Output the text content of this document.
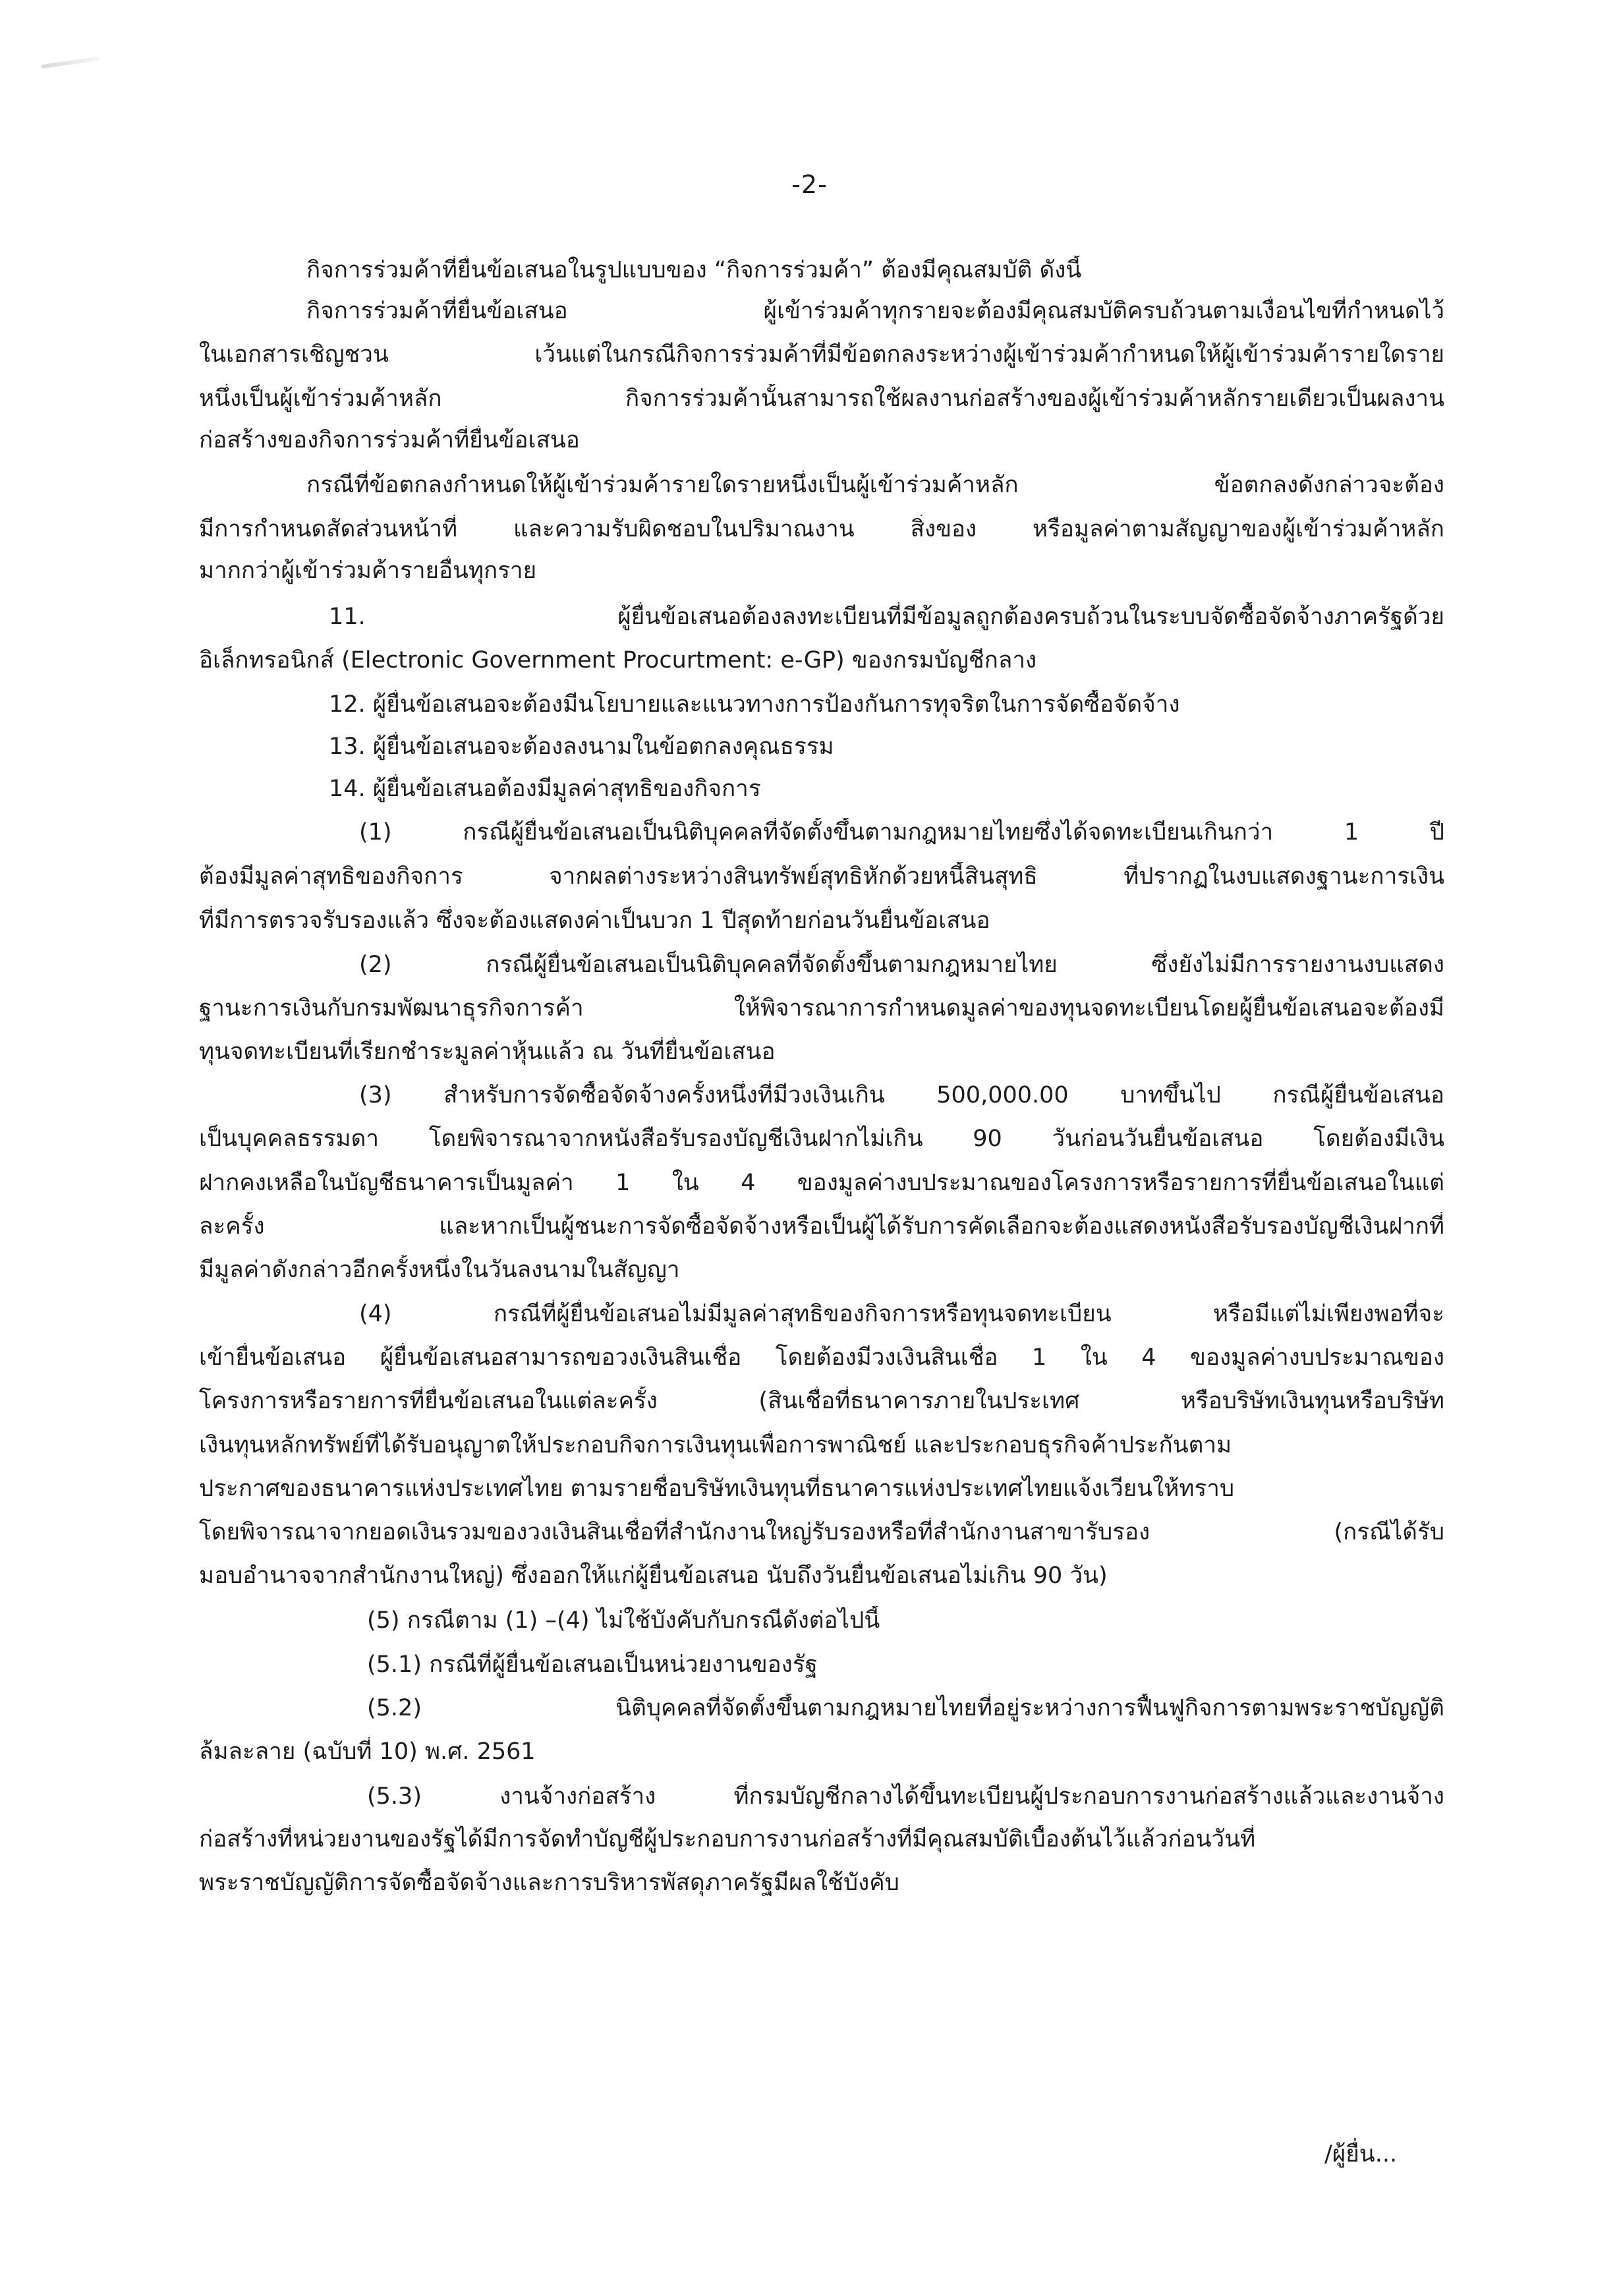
-2-
กิจการร่วมค้าที่ยื่นข้อเสนอในรูปแบบของ “กิจการร่วมค้า” ต้องมีคุณสมบัติ ดังนี้
กิจการร่วมค้าที่ยื่นข้อเสนอ ผู้เข้าร่วมค้าทุกรายจะต้องมีคุณสมบัติครบถ้วนตามเงื่อนไขที่กำหนดไว้
ในเอกสารเชิญชวน เว้นแต่ในกรณีกิจการร่วมค้าที่มีข้อตกลงระหว่างผู้เข้าร่วมค้ากำหนดให้ผู้เข้าร่วมค้ารายใดราย
หนึ่งเป็นผู้เข้าร่วมค้าหลัก กิจการร่วมค้านั้นสามารถใช้ผลงานก่อสร้างของผู้เข้าร่วมค้าหลักรายเดียวเป็นผลงาน
ก่อสร้างของกิจการร่วมค้าที่ยื่นข้อเสนอ
กรณีที่ข้อตกลงกำหนดให้ผู้เข้าร่วมค้ารายใดรายหนึ่งเป็นผู้เข้าร่วมค้าหลัก ข้อตกลงดังกล่าวจะต้อง
มีการกำหนดสัดส่วนหน้าที่ และความรับผิดชอบในปริมาณงาน สิ่งของ หรือมูลค่าตามสัญญาของผู้เข้าร่วมค้าหลัก
มากกว่าผู้เข้าร่วมค้ารายอื่นทุกราย
11. ผู้ยื่นข้อเสนอต้องลงทะเบียนที่มีข้อมูลถูกต้องครบถ้วนในระบบจัดซื้อจัดจ้างภาครัฐด้วย
อิเล็กทรอนิกส์ (Electronic Government Procurtment: e-GP) ของกรมบัญชีกลาง
12. ผู้ยื่นข้อเสนอจะต้องมีนโยบายและแนวทางการป้องกันการทุจริตในการจัดซื้อจัดจ้าง
13. ผู้ยื่นข้อเสนอจะต้องลงนามในข้อตกลงคุณธรรม
14. ผู้ยื่นข้อเสนอต้องมีมูลค่าสุทธิของกิจการ
(1) กรณีผู้ยื่นข้อเสนอเป็นนิติบุคคลที่จัดตั้งขึ้นตามกฎหมายไทยซึ่งได้จดทะเบียนเกินกว่า 1 ปี
ต้องมีมูลค่าสุทธิของกิจการ จากผลต่างระหว่างสินทรัพย์สุทธิหักด้วยหนี้สินสุทธิ ที่ปรากฏในงบแสดงฐานะการเงิน
ที่มีการตรวจรับรองแล้ว ซึ่งจะต้องแสดงค่าเป็นบวก 1 ปีสุดท้ายก่อนวันยื่นข้อเสนอ
(2) กรณีผู้ยื่นข้อเสนอเป็นนิติบุคคลที่จัดตั้งขึ้นตามกฎหมายไทย ซึ่งยังไม่มีการรายงานงบแสดง
ฐานะการเงินกับกรมพัฒนาธุรกิจการค้า ให้พิจารณาการกำหนดมูลค่าของทุนจดทะเบียนโดยผู้ยื่นข้อเสนอจะต้องมี
ทุนจดทะเบียนที่เรียกชำระมูลค่าหุ้นแล้ว ณ วันที่ยื่นข้อเสนอ
(3) สำหรับการจัดซื้อจัดจ้างครั้งหนึ่งที่มีวงเงินเกิน 500,000.00 บาทขึ้นไป กรณีผู้ยื่นข้อเสนอ
เป็นบุคคลธรรมดา โดยพิจารณาจากหนังสือรับรองบัญชีเงินฝากไม่เกิน 90 วันก่อนวันยื่นข้อเสนอ โดยต้องมีเงิน
ฝากคงเหลือในบัญชีธนาคารเป็นมูลค่า 1 ใน 4 ของมูลค่างบประมาณของโครงการหรือรายการที่ยื่นข้อเสนอในแต่
ละครั้ง และหากเป็นผู้ชนะการจัดซื้อจัดจ้างหรือเป็นผู้ได้รับการคัดเลือกจะต้องแสดงหนังสือรับรองบัญชีเงินฝากที่
มีมูลค่าดังกล่าวอีกครั้งหนึ่งในวันลงนามในสัญญา
(4) กรณีที่ผู้ยื่นข้อเสนอไม่มีมูลค่าสุทธิของกิจการหรือทุนจดทะเบียน หรือมีแต่ไม่เพียงพอที่จะ
เข้ายื่นข้อเสนอ ผู้ยื่นข้อเสนอสามารถขอวงเงินสินเชื่อ โดยต้องมีวงเงินสินเชื่อ 1 ใน 4 ของมูลค่างบประมาณของ
โครงการหรือรายการที่ยื่นข้อเสนอในแต่ละครั้ง (สินเชื่อที่ธนาคารภายในประเทศ หรือบริษัทเงินทุนหรือบริษัท
เงินทุนหลักทรัพย์ที่ได้รับอนุญาตให้ประกอบกิจการเงินทุนเพื่อการพาณิชย์ และประกอบธุรกิจค้าประกันตาม
ประกาศของธนาคารแห่งประเทศไทย ตามรายชื่อบริษัทเงินทุนที่ธนาคารแห่งประเทศไทยแจ้งเวียนให้ทราบ
โดยพิจารณาจากยอดเงินรวมของวงเงินสินเชื่อที่สำนักงานใหญ่รับรองหรือที่สำนักงานสาขารับรอง (กรณีได้รับ
มอบอำนาจจากสำนักงานใหญ่) ซึ่งออกให้แก่ผู้ยื่นข้อเสนอ นับถึงวันยื่นข้อเสนอไม่เกิน 90 วัน)
(5) กรณีตาม (1) –(4) ไม่ใช้บังคับกับกรณีดังต่อไปนี้
(5.1) กรณีที่ผู้ยื่นข้อเสนอเป็นหน่วยงานของรัฐ
(5.2) นิติบุคคลที่จัดตั้งขึ้นตามกฎหมายไทยที่อยู่ระหว่างการฟื้นฟูกิจการตามพระราชบัญญัติ
ล้มละลาย (ฉบับที่ 10) พ.ศ. 2561
(5.3) งานจ้างก่อสร้าง ที่กรมบัญชีกลางได้ขึ้นทะเบียนผู้ประกอบการงานก่อสร้างแล้วและงานจ้าง
ก่อสร้างที่หน่วยงานของรัฐได้มีการจัดทำบัญชีผู้ประกอบการงานก่อสร้างที่มีคุณสมบัติเบื้องต้นไว้แล้วก่อนวันที่
พระราชบัญญัติการจัดซื้อจัดจ้างและการบริหารพัสดุภาครัฐมีผลใช้บังคับ
/ผู้ยื่น...
